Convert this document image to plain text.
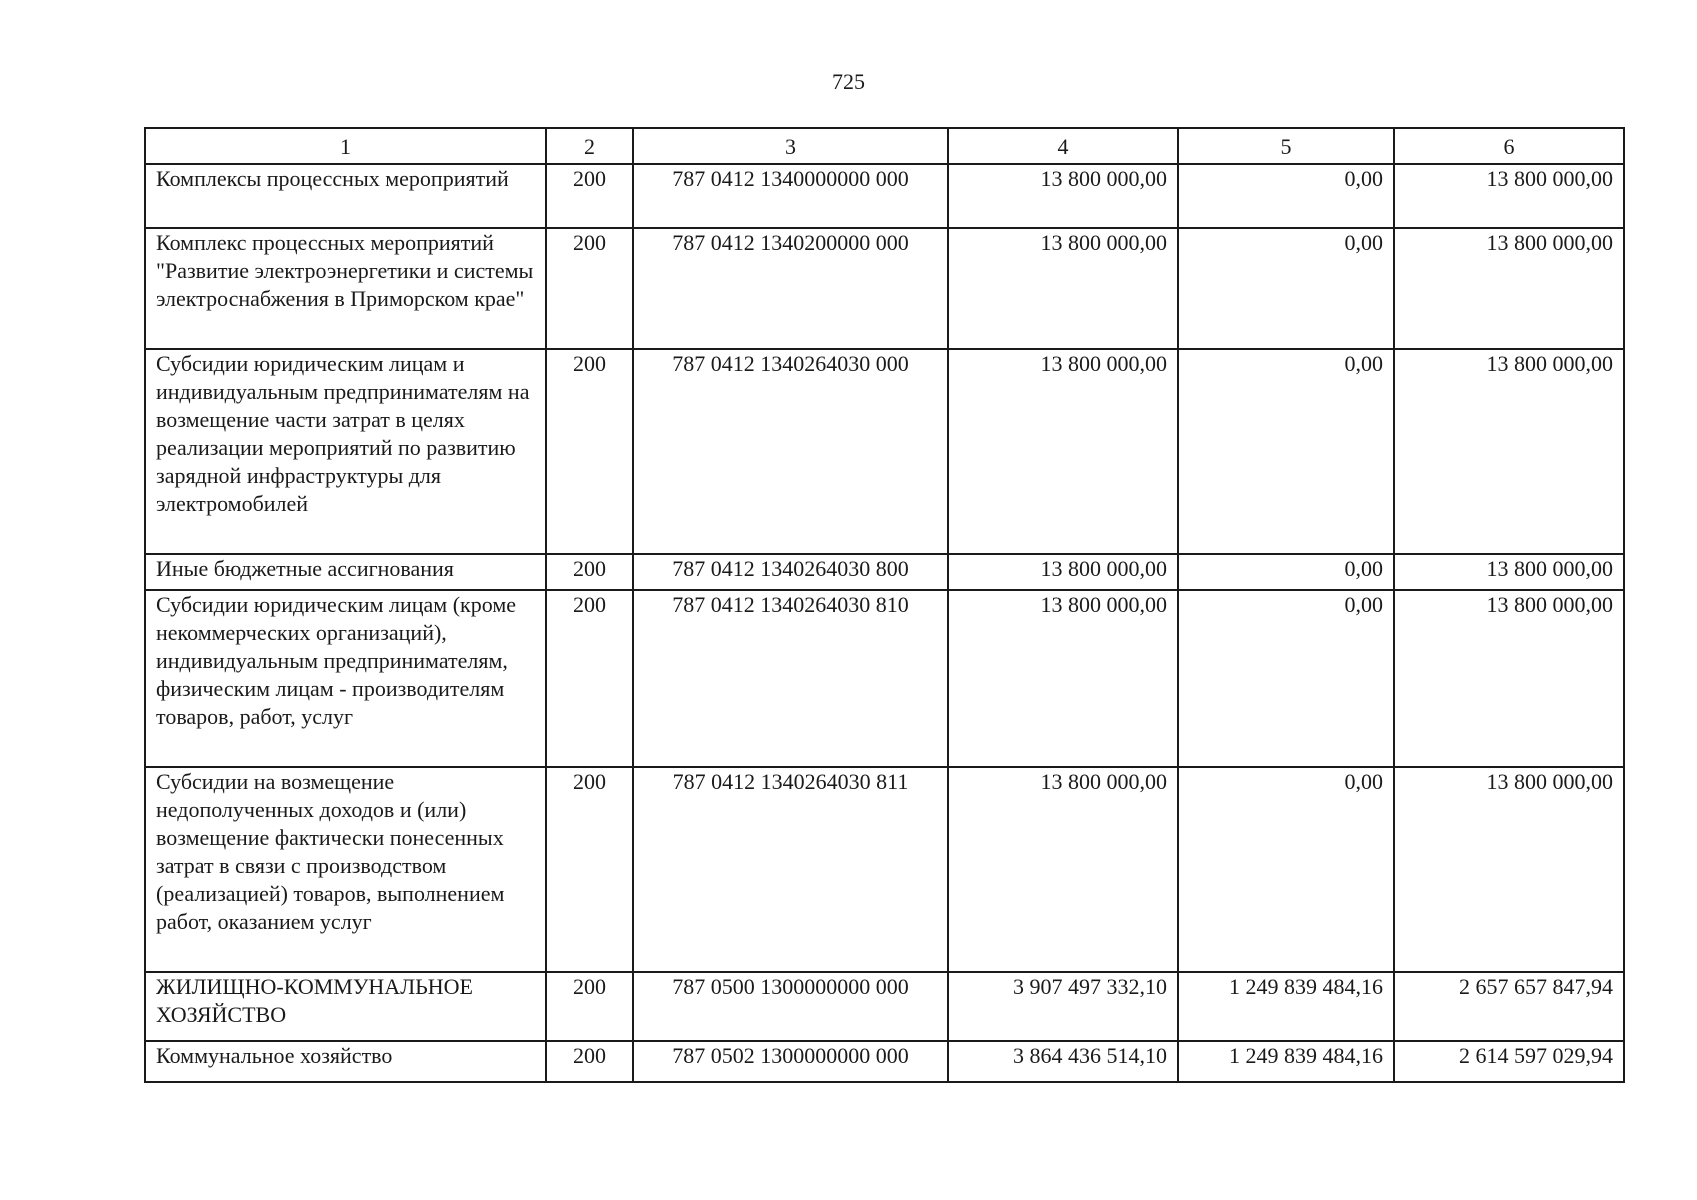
725
1	2	3	4	5	6
Комплексы процессных мероприятий	200	787 0412 1340000000 000	13 800 000,00	0,00	13 800 000,00
Комплекс процессных мероприятий "Развитие электроэнергетики и системы электроснабжения в Приморском крае"	200	787 0412 1340200000 000	13 800 000,00	0,00	13 800 000,00
Субсидии юридическим лицам и индивидуальным предпринимателям на возмещение части затрат в целях реализации мероприятий по развитию зарядной инфраструктуры для электромобилей	200	787 0412 1340264030 000	13 800 000,00	0,00	13 800 000,00
Иные бюджетные ассигнования	200	787 0412 1340264030 800	13 800 000,00	0,00	13 800 000,00
Субсидии юридическим лицам (кроме некоммерческих организаций), индивидуальным предпринимателям, физическим лицам - производителям товаров, работ, услуг	200	787 0412 1340264030 810	13 800 000,00	0,00	13 800 000,00
Субсидии на возмещение недополученных доходов и (или) возмещение фактически понесенных затрат в связи с производством (реализацией) товаров, выполнением работ, оказанием услуг	200	787 0412 1340264030 811	13 800 000,00	0,00	13 800 000,00
ЖИЛИЩНО-КОММУНАЛЬНОЕ ХОЗЯЙСТВО	200	787 0500 1300000000 000	3 907 497 332,10	1 249 839 484,16	2 657 657 847,94
Коммунальное хозяйство	200	787 0502 1300000000 000	3 864 436 514,10	1 249 839 484,16	2 614 597 029,94
